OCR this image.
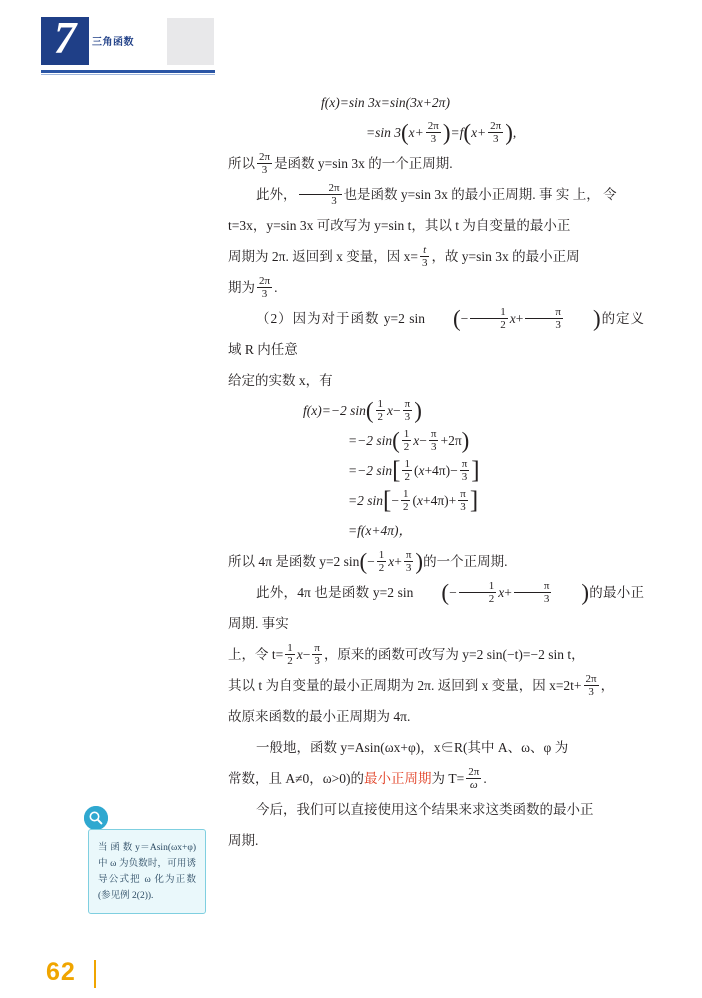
7	三角函数

f(x)=sin 3x=sin(3x+2π)

=sin $3(x+ \frac{2\pi}{3} )=f(x+ \frac{2\pi}{3}$ ),

所以 $\frac{2\pi}{3}$ 是函数 y=sin 3x 的一个正周期.

此外， $\frac{2\pi}{3}$ 也是函数 y=sin 3x 的最小正周期. 事 实 上， 令

t=3x，y=sin 3x 可改写为 y=sin t，其以 t 为自变量的最小正

周期为 2π. 返回到 x 变量，因 $x= \frac{t}{3}$ ，故 y=sin 3x 的最小正周

期为 $\frac{2\pi}{3}$ .

（2）因为对于函数 y=2 sin (− $\frac{1}{2} x+ \frac{\pi}{3}$ )的定义域 R 内任意

给定的实数 x，有

f(x)=−2 $\sin( \frac{1}{2} x- \frac{\pi}{3}$ )

=−2 $\sin( \frac{1}{2} x- \frac{\pi}{3} +2\pi)$

=−2 $\sin[ \frac{1}{2} (x+4\pi)- \frac{\pi}{3}$ ]

=2 $\sin[- \frac{1}{2} (x+4\pi)+ \frac{\pi}{3}$ ]

=f(x+4π)，

所以 4π 是函数 y=2 $\sin(- \frac{1}{2} x+ \frac{\pi}{3}$ )的一个正周期.

此外，4π 也是函数 y=2 sin (− $\frac{1}{2} x+ \frac{\pi}{3}$ )的最小正周期. 事实

上，令 $t= \frac{1}{2} x- \frac{\pi}{3}$ ，原来的函数可改写为 y=2 sin(−t)=−2 sin t，

其以 t 为自变量的最小正周期为 2π. 返回到 x 变量，因 $x=2t+ \frac{2\pi}{3}$ ，

故原来函数的最小正周期为 4π.

一般地，函数 y=Asin(ωx+φ)，x∈R(其中 A、ω、φ 为

常数，且 A≠0，ω>0)的最小正周期为 $T= \frac{2\pi}{\omega}$ .

今后，我们可以直接使用这个结果来求这类函数的最小正

周期.

当 函 数 y＝Asin(ωx+φ)中 ω 为负数时，可用诱导公式把 ω 化为正数(参见例 2(2)).
62
